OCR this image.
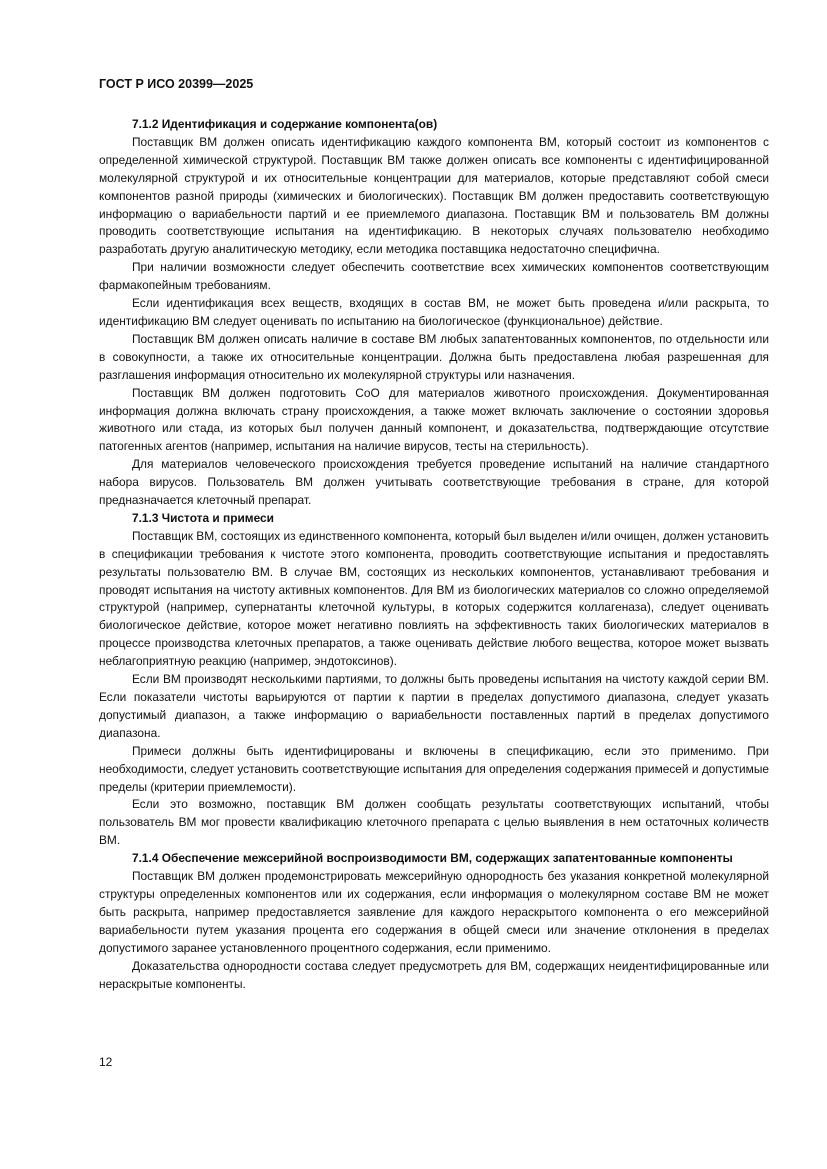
ГОСТ Р ИСО 20399—2025

7.1.2 Идентификация и содержание компонента(ов)

Поставщик ВМ должен описать идентификацию каждого компонента ВМ, который состоит из компонентов с определенной химической структурой. Поставщик ВМ также должен описать все компоненты с идентифицированной молекулярной структурой и их относительные концентрации для материалов, которые представляют собой смеси компонентов разной природы (химических и биологических). Поставщик ВМ должен предоставить соответствующую информацию о вариабельности партий и ее приемлемого диапазона. Поставщик ВМ и пользователь ВМ должны проводить соответствующие испытания на идентификацию. В некоторых случаях пользователю необходимо разработать другую аналитическую методику, если методика поставщика недостаточно специфична.

При наличии возможности следует обеспечить соответствие всех химических компонентов соответствующим фармакопейным требованиям.

Если идентификация всех веществ, входящих в состав ВМ, не может быть проведена и/или раскрыта, то идентификацию ВМ следует оценивать по испытанию на биологическое (функциональное) действие.

Поставщик ВМ должен описать наличие в составе ВМ любых запатентованных компонентов, по отдельности или в совокупности, а также их относительные концентрации. Должна быть предоставлена любая разрешенная для разглашения информация относительно их молекулярной структуры или назначения.

Поставщик ВМ должен подготовить CoO для материалов животного происхождения. Документированная информация должна включать страну происхождения, а также может включать заключение о состоянии здоровья животного или стада, из которых был получен данный компонент, и доказательства, подтверждающие отсутствие патогенных агентов (например, испытания на наличие вирусов, тесты на стерильность).

Для материалов человеческого происхождения требуется проведение испытаний на наличие стандартного набора вирусов. Пользователь ВМ должен учитывать соответствующие требования в стране, для которой предназначается клеточный препарат.

7.1.3 Чистота и примеси

Поставщик ВМ, состоящих из единственного компонента, который был выделен и/или очищен, должен установить в спецификации требования к чистоте этого компонента, проводить соответствующие испытания и предоставлять результаты пользователю ВМ. В случае ВМ, состоящих из нескольких компонентов, устанавливают требования и проводят испытания на чистоту активных компонентов. Для ВМ из биологических материалов со сложно определяемой структурой (например, супернатанты клеточной культуры, в которых содержится коллагеназа), следует оценивать биологическое действие, которое может негативно повлиять на эффективность таких биологических материалов в процессе производства клеточных препаратов, а также оценивать действие любого вещества, которое может вызвать неблагоприятную реакцию (например, эндотоксинов).

Если ВМ производят несколькими партиями, то должны быть проведены испытания на чистоту каждой серии ВМ. Если показатели чистоты варьируются от партии к партии в пределах допустимого диапазона, следует указать допустимый диапазон, а также информацию о вариабельности поставленных партий в пределах допустимого диапазона.

Примеси должны быть идентифицированы и включены в спецификацию, если это применимо. При необходимости, следует установить соответствующие испытания для определения содержания примесей и допустимые пределы (критерии приемлемости).

Если это возможно, поставщик ВМ должен сообщать результаты соответствующих испытаний, чтобы пользователь ВМ мог провести квалификацию клеточного препарата с целью выявления в нем остаточных количеств ВМ.

7.1.4 Обеспечение межсерийной воспроизводимости ВМ, содержащих запатентованные компоненты

Поставщик ВМ должен продемонстрировать межсерийную однородность без указания конкретной молекулярной структуры определенных компонентов или их содержания, если информация о молекулярном составе ВМ не может быть раскрыта, например предоставляется заявление для каждого нераскрытого компонента о его межсерийной вариабельности путем указания процента его содержания в общей смеси или значение отклонения в пределах допустимого заранее установленного процентного содержания, если применимо.

Доказательства однородности состава следует предусмотреть для ВМ, содержащих неидентифицированные или нераскрытые компоненты.

12
